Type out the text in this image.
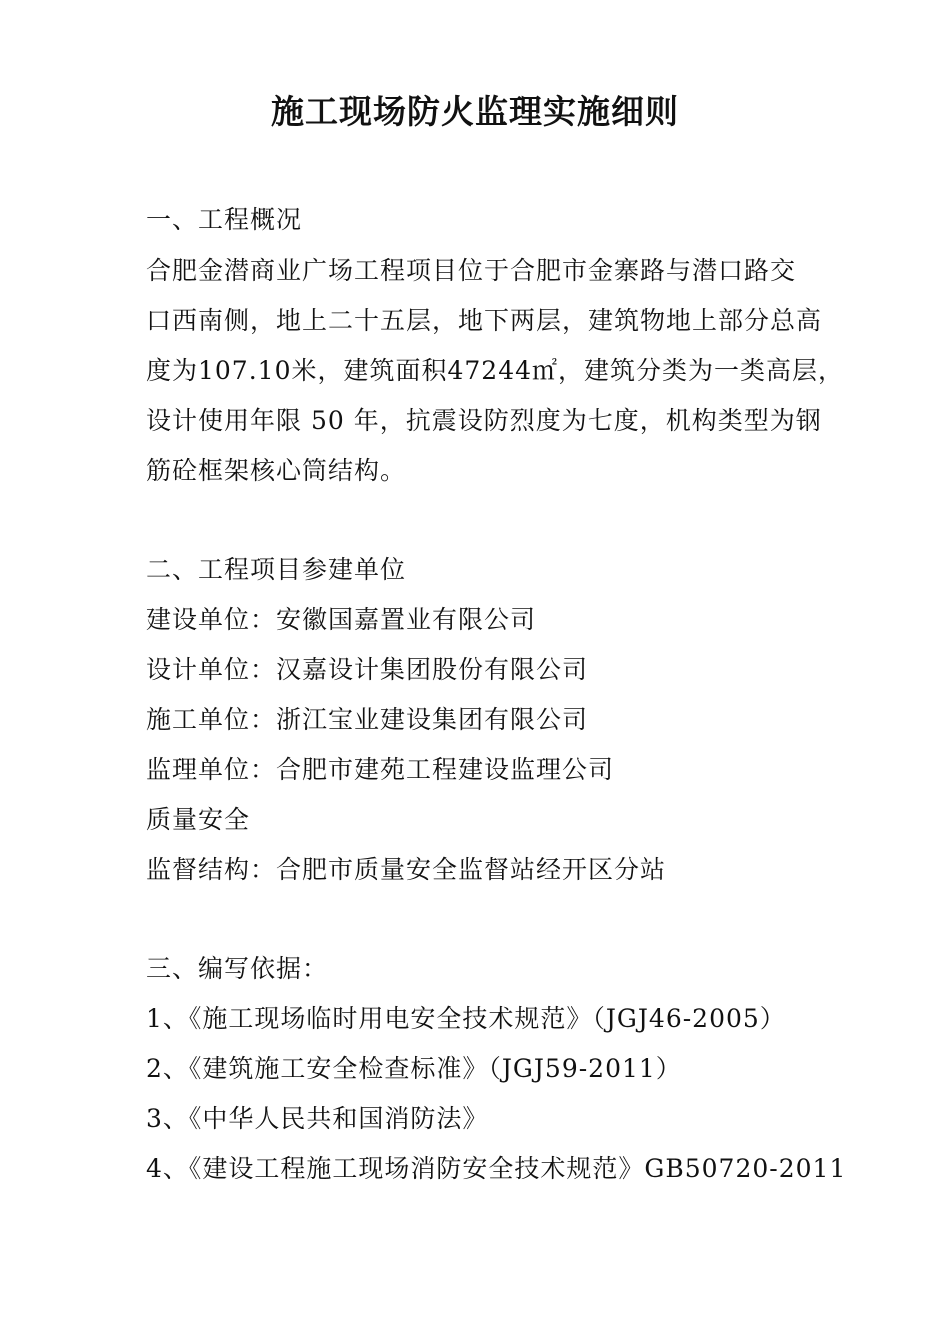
施工现场防火监理实施细则
一、工程概况
合肥金潜商业广场工程项目位于合肥市金寨路与潜口路交
口西南侧，地上二十五层，地下两层，建筑物地上部分总高
度为107.10米，建筑面积47244㎡，建筑分类为一类高层，
设计使用年限 50 年，抗震设防烈度为七度，机构类型为钢
筋砼框架核心筒结构。
二、工程项目参建单位
建设单位：安徽国嘉置业有限公司
设计单位：汉嘉设计集团股份有限公司
施工单位：浙江宝业建设集团有限公司
监理单位：合肥市建苑工程建设监理公司
质量安全
监督结构：合肥市质量安全监督站经开区分站
三、编写依据：
1、《施工现场临时用电安全技术规范》（JGJ46-2005）
2、《建筑施工安全检查标准》（JGJ59-2011）
3、《中华人民共和国消防法》
4、《建设工程施工现场消防安全技术规范》GB50720-2011
